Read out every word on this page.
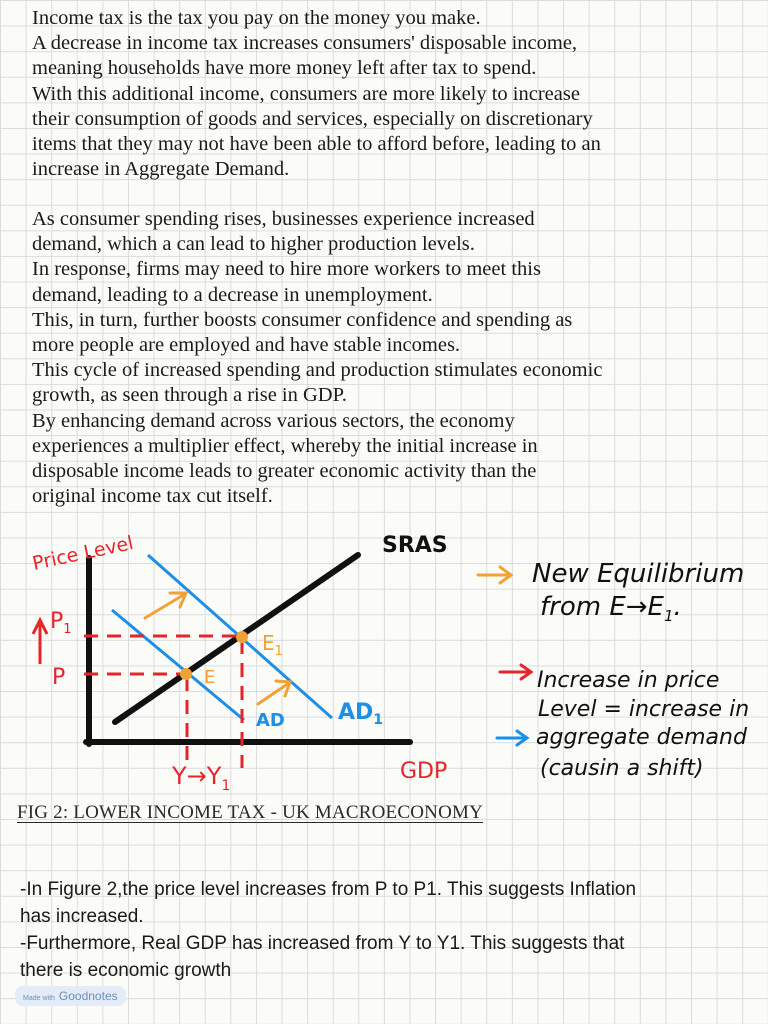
Income tax is the tax you pay on the money you make.
A decrease in income tax increases consumers' disposable income,
meaning households have more money left after tax to spend.
With this additional income, consumers are more likely to increase
their consumption of goods and services, especially on discretionary
items that they may not have been able to afford before, leading to an
increase in Aggregate Demand.
As consumer spending rises, businesses experience increased
demand, which a can lead to higher production levels.
In response, firms may need to hire more workers to meet this
demand, leading to a decrease in unemployment.
This, in turn, further boosts consumer confidence and spending as
more people are employed and have stable incomes.
This cycle of increased spending and production stimulates economic
growth, as seen through a rise in GDP.
By enhancing demand across various sectors, the economy
experiences a multiplier effect, whereby the initial increase in
disposable income leads to greater economic activity than the
original income tax cut itself.
SRAS
AD $AD_1$
$P_1$
P	E
$E_1$
Price Level
GDP
$Y\to Y_1$
New Equilibrium
from $E\to E_1$.
Increase in price
Level = increase in
aggregate demand
(causin a shift)
FIG 2: LOWER INCOME TAX - UK MACROECONOMY
-In Figure 2,the price level increases from P to P1. This suggests Inflation
has increased.
-Furthermore, Real GDP has increased from Y to Y1. This suggests that
there is economic growth
Made with Goodnotes
